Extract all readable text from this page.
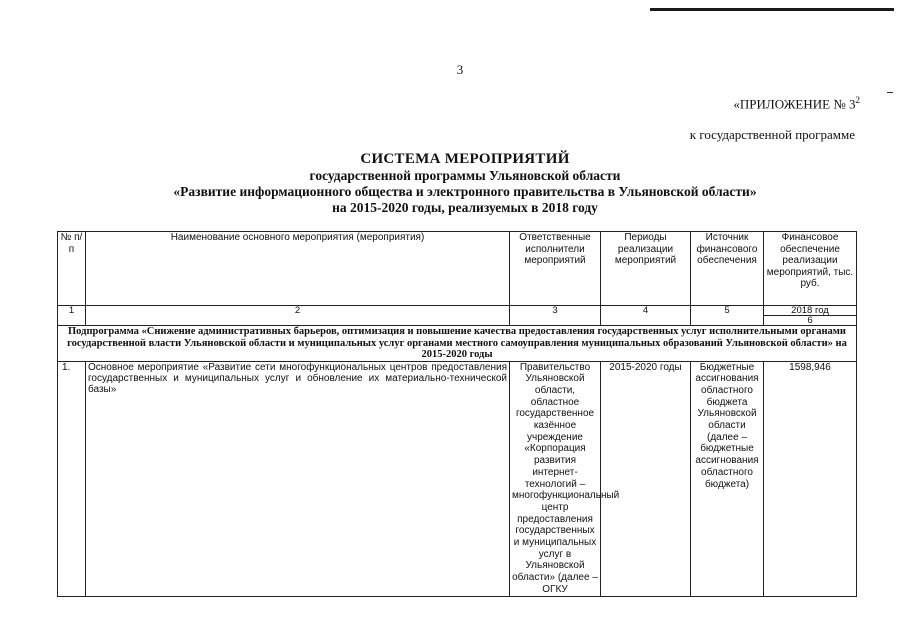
3
«ПРИЛОЖЕНИЕ № $3^2$
к государственной программе
СИСТЕМА МЕРОПРИЯТИЙ
государственной программы Ульяновской области
«Развитие информационного общества и электронного правительства в Ульяновской области»
на 2015-2020 годы, реализуемых в 2018 году
№ п/п	Наименование основного мероприятия (мероприятия)	Ответственные исполнители мероприятий	Периоды реализации мероприятий	Источник финансового обеспечения	Финансовое обеспечение реализации мероприятий, тыс. руб.
1	2	3	4	5	2018 год
6
Подпрограмма «Снижение административных барьеров, оптимизация и повышение качества предоставления государственных услуг исполнительными органами государственной власти Ульяновской области и муниципальных услуг органами местного самоуправления муниципальных образований Ульяновской области» на 2015-2020 годы					
1.	Основное мероприятие «Развитие сети многофункциональных центров предоставления государственных и муниципальных услуг и обновление их материально-технической базы»	Правительство Ульяновской области, областное государственное казённое учреждение «Корпорация развития интернет-технологий – многофункциональный центр предоставления государственных и муниципальных услуг в Ульяновской области» (далее – ОГКУ	2015-2020 годы	Бюджетные ассигнования областного бюджета Ульяновской области (далее – бюджетные ассигнования областного бюджета)	1598,946
